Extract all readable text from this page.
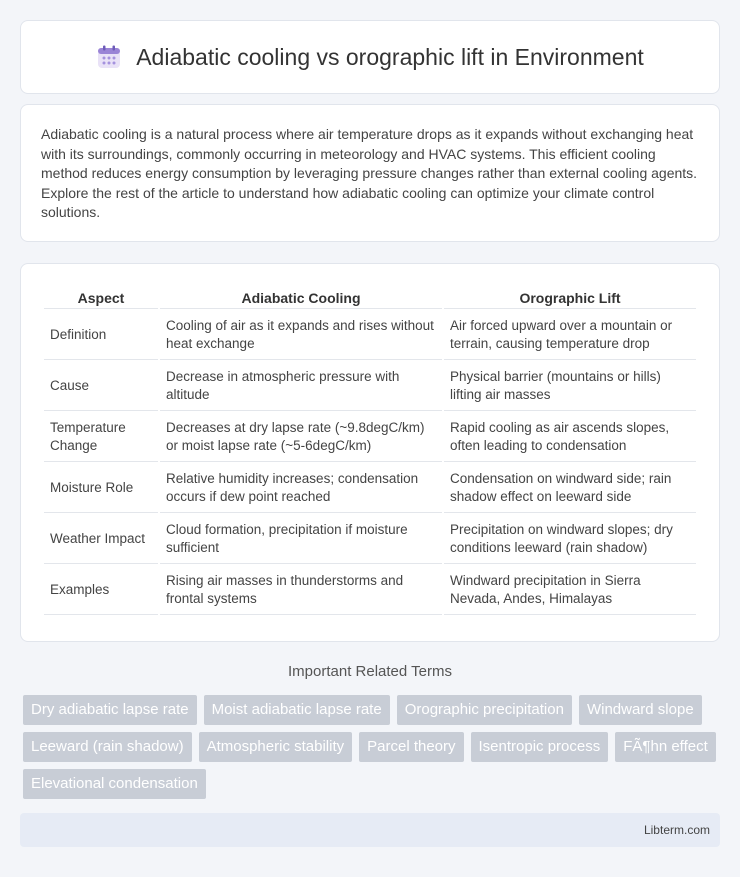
Adiabatic cooling vs orographic lift in Environment

Adiabatic cooling is a natural process where air temperature drops as it expands without exchanging heat with its surroundings, commonly occurring in meteorology and HVAC systems. This efficient cooling method reduces energy consumption by leveraging pressure changes rather than external cooling agents. Explore the rest of the article to understand how adiabatic cooling can optimize your climate control solutions.

Aspect	Adiabatic Cooling	Orographic Lift
Definition	Cooling of air as it expands and rises without heat exchange	Air forced upward over a mountain or terrain, causing temperature drop
Cause	Decrease in atmospheric pressure with altitude	Physical barrier (mountains or hills) lifting air masses
Temperature Change	Decreases at dry lapse rate (~9.8degC/km) or moist lapse rate (~5-6degC/km)	Rapid cooling as air ascends slopes, often leading to condensation
Moisture Role	Relative humidity increases; condensation occurs if dew point reached	Condensation on windward side; rain shadow effect on leeward side
Weather Impact	Cloud formation, precipitation if moisture sufficient	Precipitation on windward slopes; dry conditions leeward (rain shadow)
Examples	Rising air masses in thunderstorms and frontal systems	Windward precipitation in Sierra Nevada, Andes, Himalayas
Important Related Terms
Dry adiabatic lapse rate	Moist adiabatic lapse rate	Orographic precipitation	Windward slope
Leeward (rain shadow)	Atmospheric stability	Parcel theory	Isentropic process	FÃ¶hn effect
Elevational condensation
Libterm.com
